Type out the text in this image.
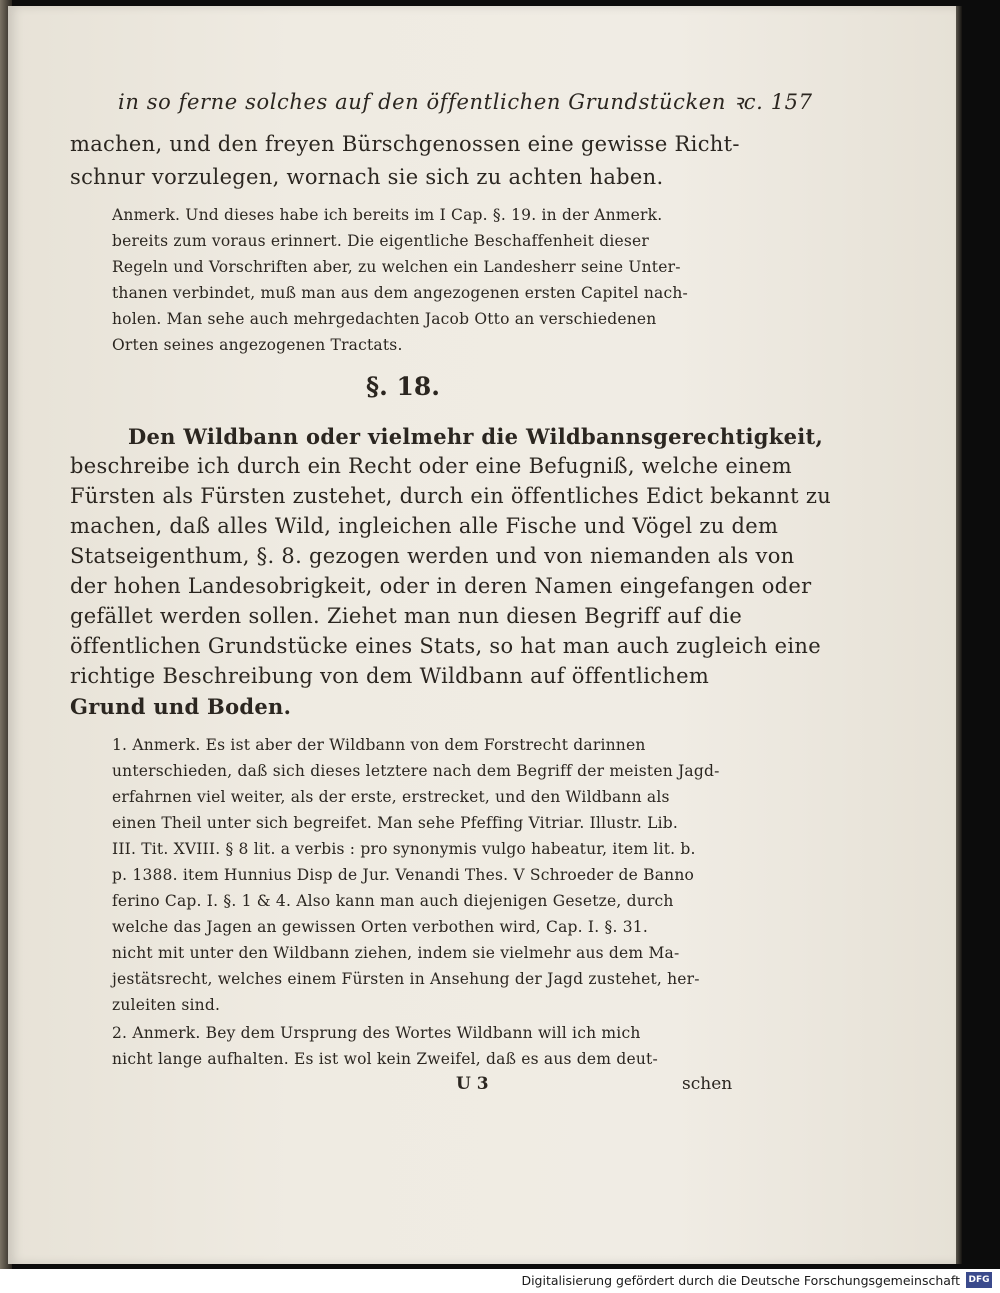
in so ferne solches auf den öffentlichen Grundstücken ꝛc. 157

machen, und den freyen Bürschgenossen eine gewisse Richt-

schnur vorzulegen, wornach sie sich zu achten haben.

Anmerk. Und dieses habe ich bereits im I Cap. §. 19. in der Anmerk.

bereits zum voraus erinnert. Die eigentliche Beschaffenheit dieser

Regeln und Vorschriften aber, zu welchen ein Landesherr seine Unter-

thanen verbindet, muß man aus dem angezogenen ersten Capitel nach-

holen. Man sehe auch mehrgedachten Jacob Otto an verschiedenen

Orten seines angezogenen Tractats.

§. 18.

Den Wildbann oder vielmehr die Wildbannsgerechtigkeit,

beschreibe ich durch ein Recht oder eine Befugniß, welche einem

Fürsten als Fürsten zustehet, durch ein öffentliches Edict bekannt zu

machen, daß alles Wild, ingleichen alle Fische und Vögel zu dem

Statseigenthum, §. 8. gezogen werden und von niemanden als von

der hohen Landesobrigkeit, oder in deren Namen eingefangen oder

gefället werden sollen. Ziehet man nun diesen Begriff auf die

öffentlichen Grundstücke eines Stats, so hat man auch zugleich eine

richtige Beschreibung von dem Wildbann auf öffentlichem

Grund und Boden.

1. Anmerk. Es ist aber der Wildbann von dem Forstrecht darinnen

unterschieden, daß sich dieses letztere nach dem Begriff der meisten Jagd-

erfahrnen viel weiter, als der erste, erstrecket, und den Wildbann als

einen Theil unter sich begreifet. Man sehe Pfeffing Vitriar. Illustr. Lib.

III. Tit. XVIII. § 8 lit. a verbis : pro synonymis vulgo habeatur, item lit. b.

p. 1388. item Hunnius Disp de Jur. Venandi Thes. V Schroeder de Banno

ferino Cap. I. §. 1 & 4. Also kann man auch diejenigen Gesetze, durch

welche das Jagen an gewissen Orten verbothen wird, Cap. I. §. 31.

nicht mit unter den Wildbann ziehen, indem sie vielmehr aus dem Ma-

jestätsrecht, welches einem Fürsten in Ansehung der Jagd zustehet, her-

zuleiten sind.

2. Anmerk. Bey dem Ursprung des Wortes Wildbann will ich mich

nicht lange aufhalten. Es ist wol kein Zweifel, daß es aus dem deut-

U 3	schen

Digitalisierung gefördert durch die Deutsche Forschungsgemeinschaft DFG
